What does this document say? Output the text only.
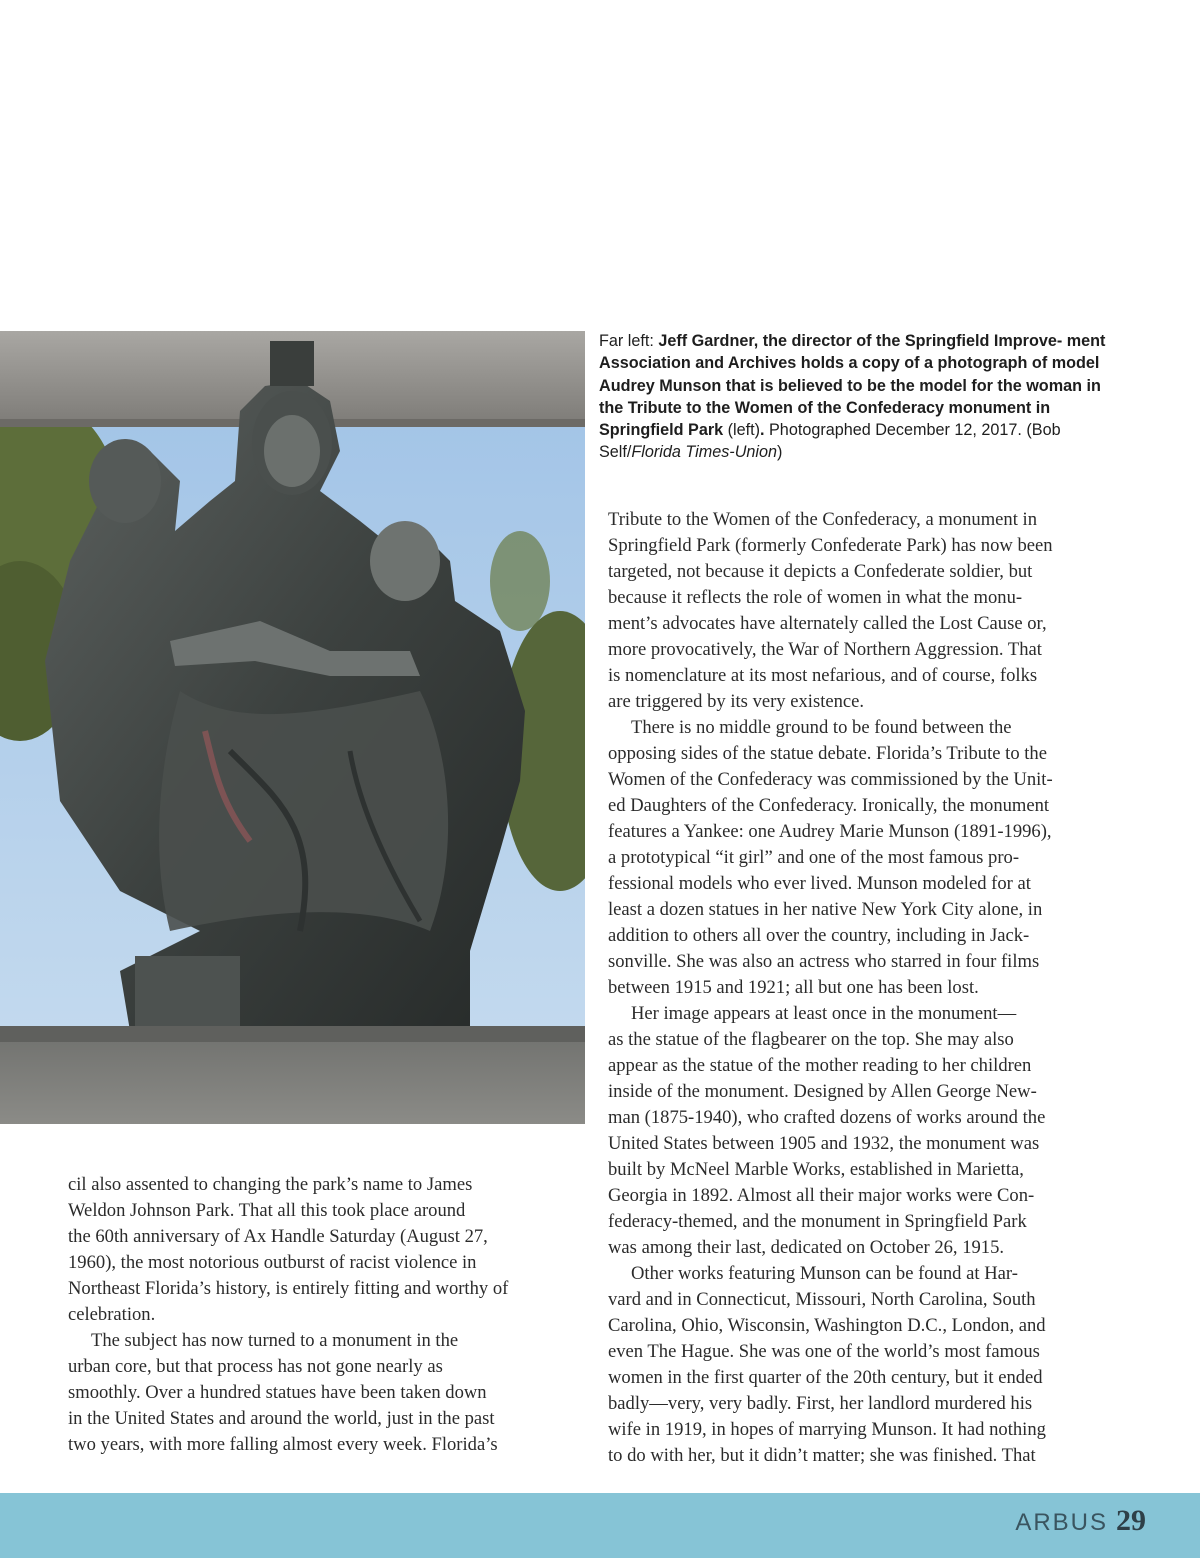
Far left: Jeff Gardner, the director of the Springfield Improve- ment Association and Archives holds a copy of a photograph of model Audrey Munson that is believed to be the model for the woman in the Tribute to the Women of the Confederacy monument in Springfield Park (left). Photographed December 12, 2017. (Bob Self/Florida Times-Union)
cil also assented to changing the park’s name to James
Weldon Johnson Park. That all this took place around
the 60th anniversary of Ax Handle Saturday (August 27,
1960), the most notorious outburst of racist violence in
Northeast Florida’s history, is entirely fitting and worthy of
celebration.
The subject has now turned to a monument in the
urban core, but that process has not gone nearly as
smoothly. Over a hundred statues have been taken down
in the United States and around the world, just in the past
two years, with more falling almost every week. Florida’s
Tribute to the Women of the Confederacy, a monument in
Springfield Park (formerly Confederate Park) has now been
targeted, not because it depicts a Confederate soldier, but
because it reflects the role of women in what the monu-
ment’s advocates have alternately called the Lost Cause or,
more provocatively, the War of Northern Aggression. That
is nomenclature at its most nefarious, and of course, folks
are triggered by its very existence.
There is no middle ground to be found between the
opposing sides of the statue debate. Florida’s Tribute to the
Women of the Confederacy was commissioned by the Unit-
ed Daughters of the Confederacy. Ironically, the monument
features a Yankee: one Audrey Marie Munson (1891-1996),
a prototypical “it girl” and one of the most famous pro-
fessional models who ever lived. Munson modeled for at
least a dozen statues in her native New York City alone, in
addition to others all over the country, including in Jack-
sonville. She was also an actress who starred in four films
between 1915 and 1921; all but one has been lost.
Her image appears at least once in the monument—
as the statue of the flagbearer on the top. She may also
appear as the statue of the mother reading to her children
inside of the monument. Designed by Allen George New-
man (1875-1940), who crafted dozens of works around the
United States between 1905 and 1932, the monument was
built by McNeel Marble Works, established in Marietta,
Georgia in 1892. Almost all their major works were Con-
federacy-themed, and the monument in Springfield Park
was among their last, dedicated on October 26, 1915.
Other works featuring Munson can be found at Har-
vard and in Connecticut, Missouri, North Carolina, South
Carolina, Ohio, Wisconsin, Washington D.C., London, and
even The Hague. She was one of the world’s most famous
women in the first quarter of the 20th century, but it ended
badly—very, very badly. First, her landlord murdered his
wife in 1919, in hopes of marrying Munson. It had nothing
to do with her, but it didn’t matter; she was finished. That
ARBUS 29
